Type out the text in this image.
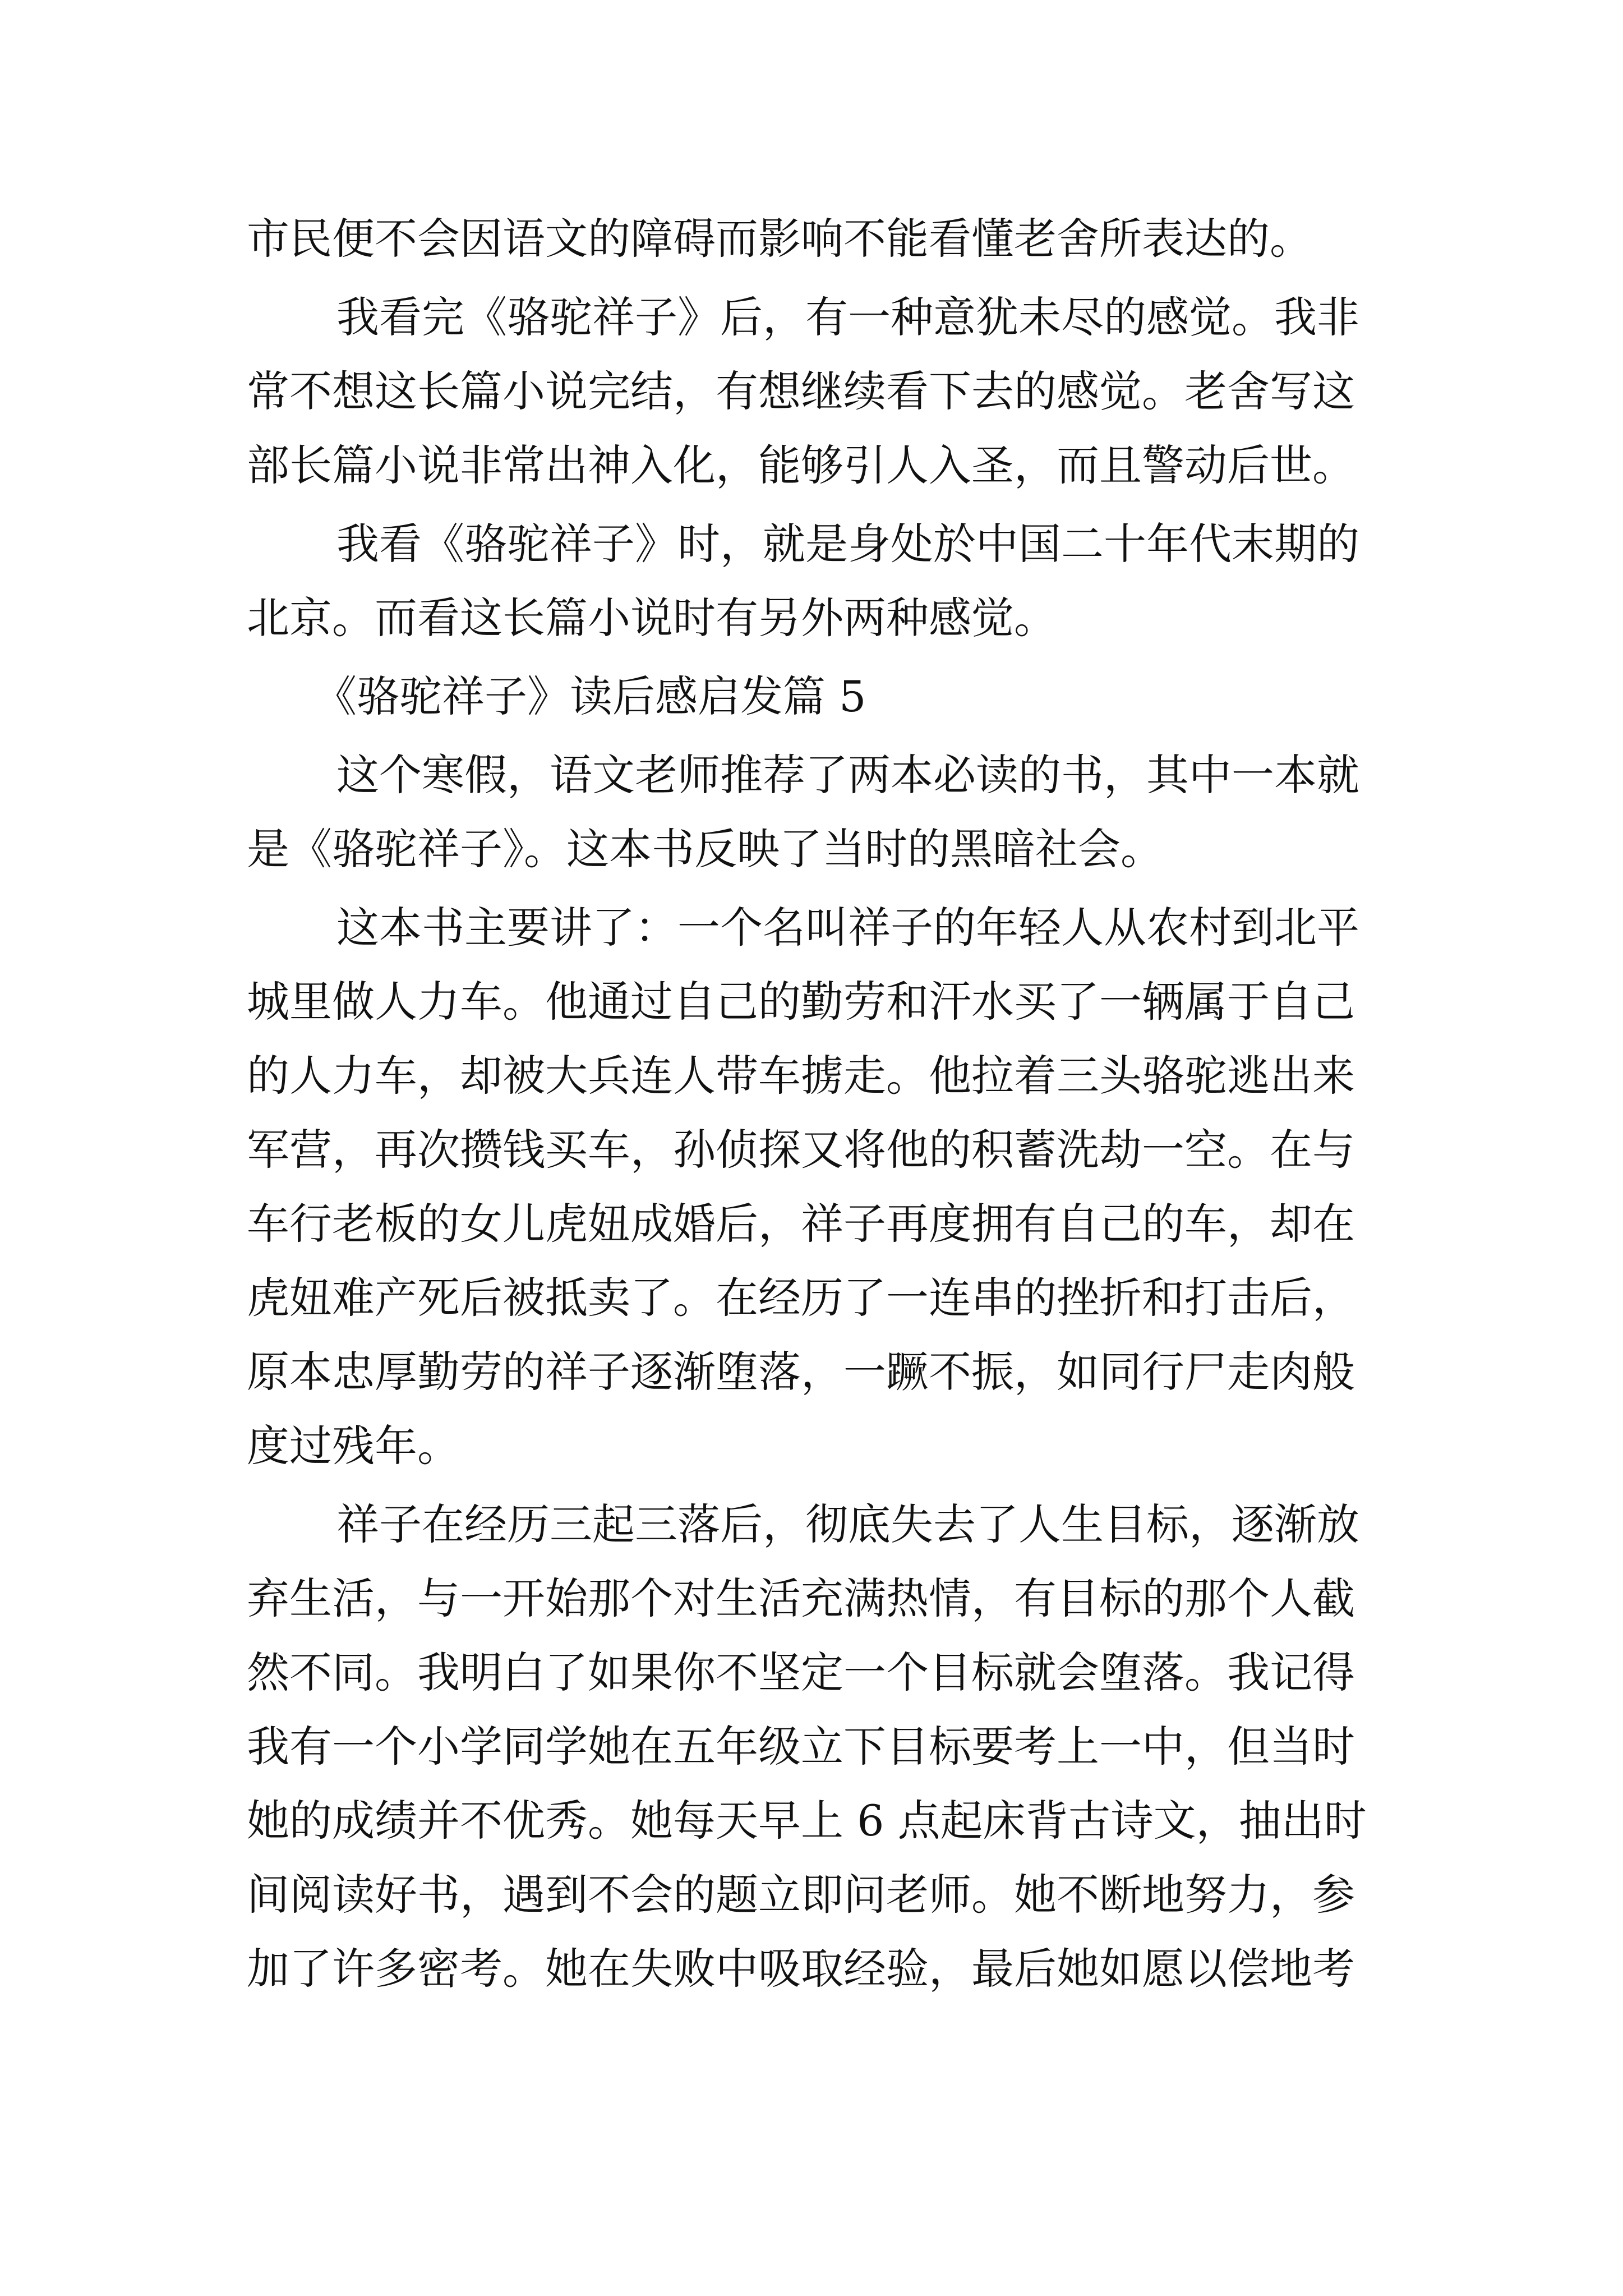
市民便不会因语文的障碍而影响不能看懂老舍所表达的。
我看完《骆驼祥子》后，有一种意犹未尽的感觉。我非
常不想这长篇小说完结，有想继续看下去的感觉。老舍写这
部长篇小说非常出神入化，能够引人入圣，而且警动后世。
我看《骆驼祥子》时，就是身处於中国二十年代末期的
北京。而看这长篇小说时有另外两种感觉。
《骆驼祥子》读后感启发篇 5
这个寒假，语文老师推荐了两本必读的书，其中一本就
是《骆驼祥子》。这本书反映了当时的黑暗社会。
这本书主要讲了：一个名叫祥子的年轻人从农村到北平
城里做人力车。他通过自己的勤劳和汗水买了一辆属于自己
的人力车，却被大兵连人带车掳走。他拉着三头骆驼逃出来
军营，再次攒钱买车，孙侦探又将他的积蓄洗劫一空。在与
车行老板的女儿虎妞成婚后，祥子再度拥有自己的车，却在
虎妞难产死后被抵卖了。在经历了一连串的挫折和打击后，
原本忠厚勤劳的祥子逐渐堕落，一蹶不振，如同行尸走肉般
度过残年。
祥子在经历三起三落后，彻底失去了人生目标，逐渐放
弃生活，与一开始那个对生活充满热情，有目标的那个人截
然不同。我明白了如果你不坚定一个目标就会堕落。我记得
我有一个小学同学她在五年级立下目标要考上一中，但当时
她的成绩并不优秀。她每天早上 6 点起床背古诗文，抽出时
间阅读好书，遇到不会的题立即问老师。她不断地努力，参
加了许多密考。她在失败中吸取经验，最后她如愿以偿地考
